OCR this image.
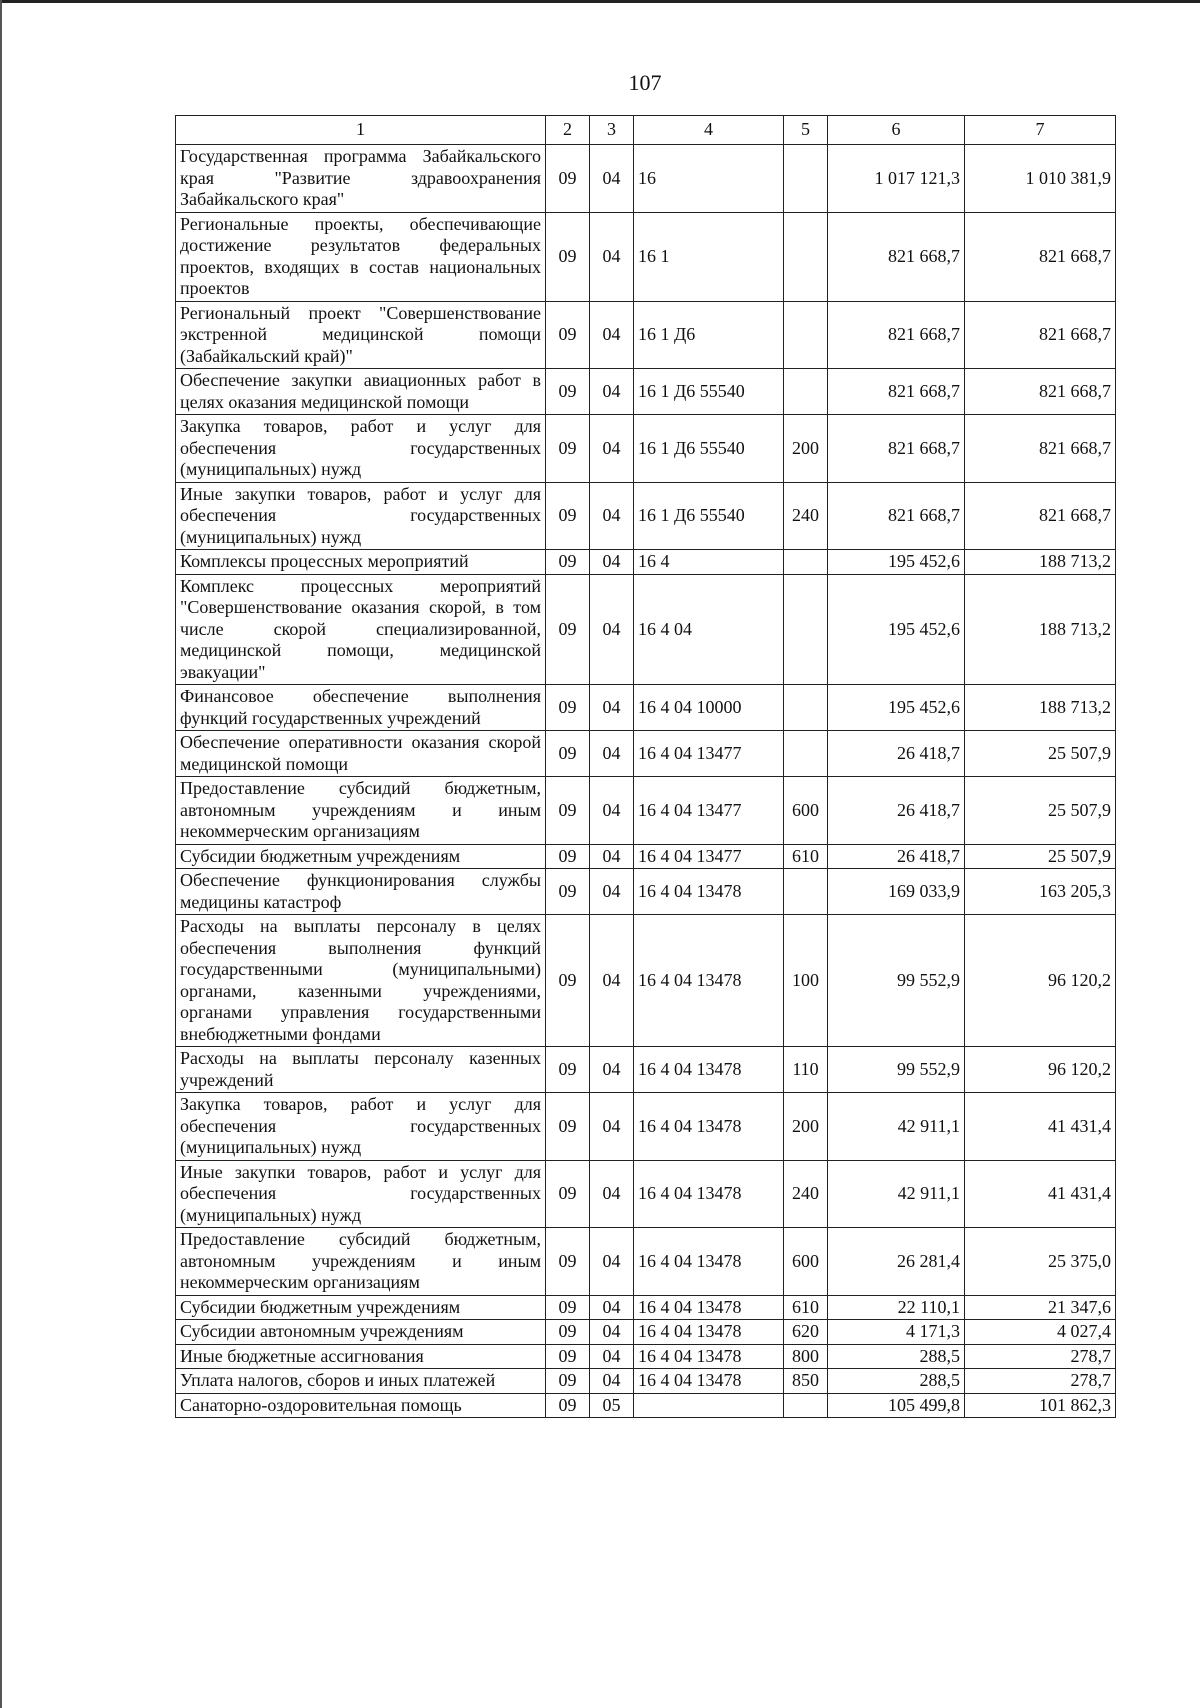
107
1	2	3	4	5	6	7
Государственная программа Забайкальского края "Развитие здравоохранения Забайкальского края"	09	04	16		1 017 121,3	1 010 381,9
Региональные проекты, обеспечивающие достижение результатов федеральных проектов, входящих в состав национальных проектов	09	04	16 1		821 668,7	821 668,7
Региональный проект "Совершенствование экстренной медицинской помощи (Забайкальский край)"	09	04	16 1 Д6		821 668,7	821 668,7
Обеспечение закупки авиационных работ в целях оказания медицинской помощи	09	04	16 1 Д6 55540		821 668,7	821 668,7
Закупка товаров, работ и услуг для обеспечения государственных (муниципальных) нужд	09	04	16 1 Д6 55540	200	821 668,7	821 668,7
Иные закупки товаров, работ и услуг для обеспечения государственных (муниципальных) нужд	09	04	16 1 Д6 55540	240	821 668,7	821 668,7
Комплексы процессных мероприятий	09	04	16 4		195 452,6	188 713,2
Комплекс процессных мероприятий "Совершенствование оказания скорой, в том числе скорой специализированной, медицинской помощи, медицинской эвакуации"	09	04	16 4 04		195 452,6	188 713,2
Финансовое обеспечение выполнения функций государственных учреждений	09	04	16 4 04 10000		195 452,6	188 713,2
Обеспечение оперативности оказания скорой медицинской помощи	09	04	16 4 04 13477		26 418,7	25 507,9
Предоставление субсидий бюджетным, автономным учреждениям и иным некоммерческим организациям	09	04	16 4 04 13477	600	26 418,7	25 507,9
Субсидии бюджетным учреждениям	09	04	16 4 04 13477	610	26 418,7	25 507,9
Обеспечение функционирования службы медицины катастроф	09	04	16 4 04 13478		169 033,9	163 205,3
Расходы на выплаты персоналу в целях обеспечения выполнения функций государственными (муниципальными) органами, казенными учреждениями, органами управления государственными внебюджетными фондами	09	04	16 4 04 13478	100	99 552,9	96 120,2
Расходы на выплаты персоналу казенных учреждений	09	04	16 4 04 13478	110	99 552,9	96 120,2
Закупка товаров, работ и услуг для обеспечения государственных (муниципальных) нужд	09	04	16 4 04 13478	200	42 911,1	41 431,4
Иные закупки товаров, работ и услуг для обеспечения государственных (муниципальных) нужд	09	04	16 4 04 13478	240	42 911,1	41 431,4
Предоставление субсидий бюджетным, автономным учреждениям и иным некоммерческим организациям	09	04	16 4 04 13478	600	26 281,4	25 375,0
Субсидии бюджетным учреждениям	09	04	16 4 04 13478	610	22 110,1	21 347,6
Субсидии автономным учреждениям	09	04	16 4 04 13478	620	4 171,3	4 027,4
Иные бюджетные ассигнования	09	04	16 4 04 13478	800	288,5	278,7
Уплата налогов, сборов и иных платежей	09	04	16 4 04 13478	850	288,5	278,7
Санаторно-оздоровительная помощь	09	05			105 499,8	101 862,3
